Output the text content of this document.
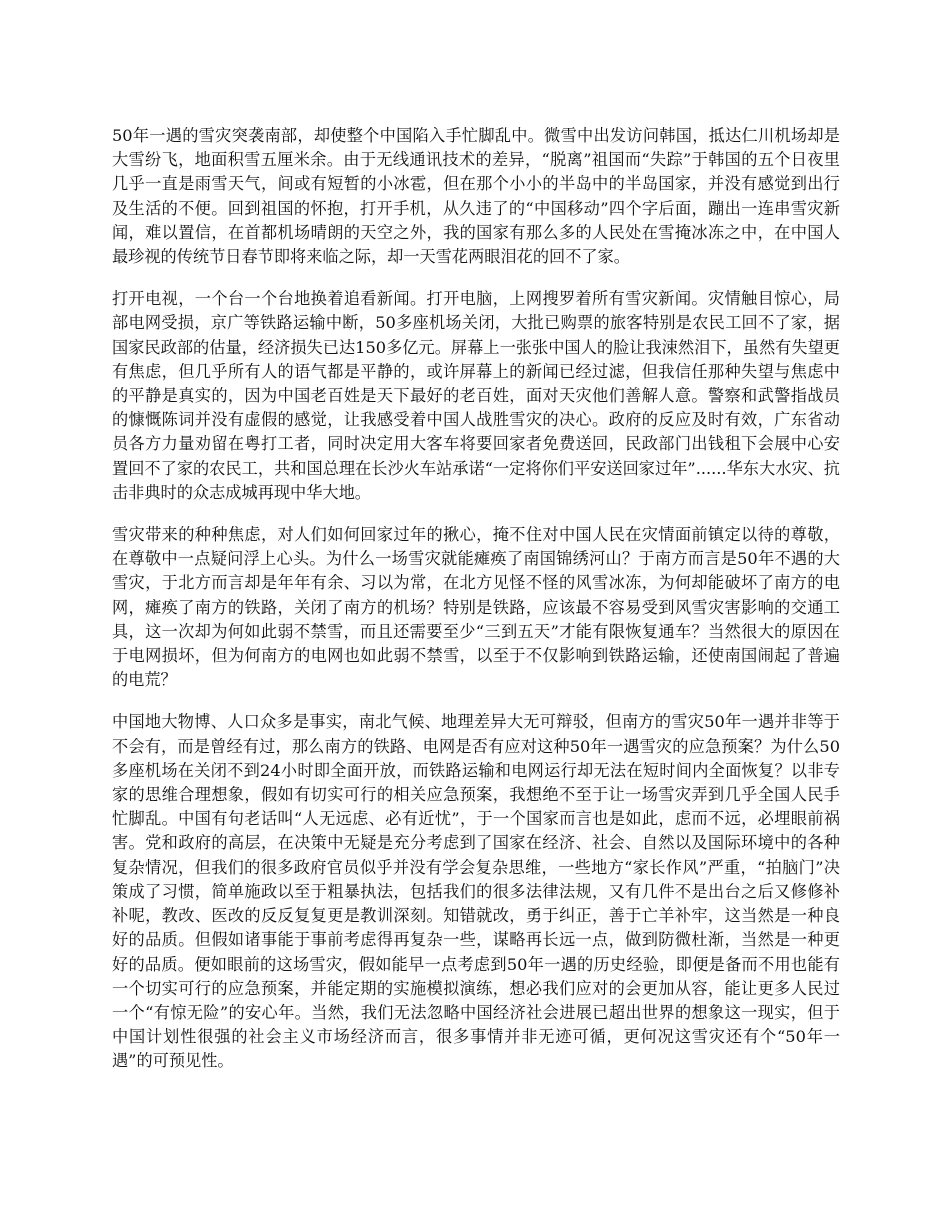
50年一遇的雪灾突袭南部，却使整个中国陷入手忙脚乱中。微雪中出发访问韩国，抵达仁川机场却是大雪纷飞，地面积雪五厘米余。由于无线通讯技术的差异，“脱离”祖国而“失踪”于韩国的五个日夜里几乎一直是雨雪天气，间或有短暂的小冰雹，但在那个小小的半岛中的半岛国家，并没有感觉到出行及生活的不便。回到祖国的怀抱，打开手机，从久违了的“中国移动”四个字后面，蹦出一连串雪灾新闻，难以置信，在首都机场晴朗的天空之外，我的国家有那么多的人民处在雪掩冰冻之中，在中国人最珍视的传统节日春节即将来临之际，却一天雪花两眼泪花的回不了家。

打开电视，一个台一个台地换着追看新闻。打开电脑，上网搜罗着所有雪灾新闻。灾情触目惊心，局部电网受损，京广等铁路运输中断，50多座机场关闭，大批已购票的旅客特别是农民工回不了家，据国家民政部的估量，经济损失已达150多亿元。屏幕上一张张中国人的脸让我涑然泪下，虽然有失望更有焦虑，但几乎所有人的语气都是平静的，或许屏幕上的新闻已经过滤，但我信任那种失望与焦虑中的平静是真实的，因为中国老百姓是天下最好的老百姓，面对天灾他们善解人意。警察和武警指战员的慷慨陈词并没有虚假的感觉，让我感受着中国人战胜雪灾的决心。政府的反应及时有效，广东省动员各方力量劝留在粤打工者，同时决定用大客车将要回家者免费送回，民政部门出钱租下会展中心安置回不了家的农民工，共和国总理在长沙火车站承诺“一定将你们平安送回家过年”......华东大水灾、抗击非典时的众志成城再现中华大地。

雪灾带来的种种焦虑，对人们如何回家过年的揪心，掩不住对中国人民在灾情面前镇定以待的尊敬，在尊敬中一点疑问浮上心头。为什么一场雪灾就能瘫痪了南国锦绣河山？于南方而言是50年不遇的大雪灾，于北方而言却是年年有余、习以为常，在北方见怪不怪的风雪冰冻，为何却能破坏了南方的电网，瘫痪了南方的铁路，关闭了南方的机场？特别是铁路，应该最不容易受到风雪灾害影响的交通工具，这一次却为何如此弱不禁雪，而且还需要至少“三到五天”才能有限恢复通车？当然很大的原因在于电网损坏，但为何南方的电网也如此弱不禁雪，以至于不仅影响到铁路运输，还使南国闹起了普遍的电荒？

中国地大物博、人口众多是事实，南北气候、地理差异大无可辩驳，但南方的雪灾50年一遇并非等于不会有，而是曾经有过，那么南方的铁路、电网是否有应对这种50年一遇雪灾的应急预案？为什么50多座机场在关闭不到24小时即全面开放，而铁路运输和电网运行却无法在短时间内全面恢复？以非专家的思维合理想象，假如有切实可行的相关应急预案，我想绝不至于让一场雪灾弄到几乎全国人民手忙脚乱。中国有句老话叫“人无远虑、必有近忧”，于一个国家而言也是如此，虑而不远，必埋眼前祸害。党和政府的高层，在决策中无疑是充分考虑到了国家在经济、社会、自然以及国际环境中的各种复杂情况，但我们的很多政府官员似乎并没有学会复杂思维，一些地方“家长作风”严重，“拍脑门”决策成了习惯，简单施政以至于粗暴执法，包括我们的很多法律法规，又有几件不是出台之后又修修补补呢，教改、医改的反反复复更是教训深刻。知错就改，勇于纠正，善于亡羊补牢，这当然是一种良好的品质。但假如诸事能于事前考虑得再复杂一些，谋略再长远一点，做到防微杜渐，当然是一种更好的品质。便如眼前的这场雪灾，假如能早一点考虑到50年一遇的历史经验，即便是备而不用也能有一个切实可行的应急预案，并能定期的实施模拟演练，想必我们应对的会更加从容，能让更多人民过一个“有惊无险”的安心年。当然，我们无法忽略中国经济社会进展已超出世界的想象这一现实，但于中国计划性很强的社会主义市场经济而言，很多事情并非无迹可循，更何况这雪灾还有个“50年一遇”的可预见性。
